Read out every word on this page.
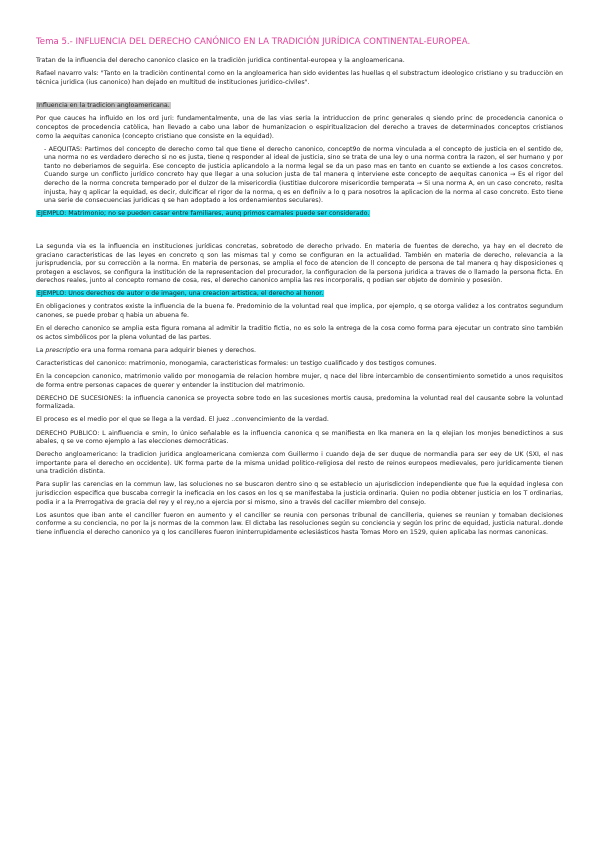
Tema 5.- INFLUENCIA DEL DERECHO CANÓNICO EN LA TRADICIÓN JURÍDICA CONTINENTAL-EUROPEA.

Tratan de la influencia del derecho canonico clasico en la tradiciòn juridica continental-europea y la angloamericana.

Rafael navarro vals: "Tanto en la tradiciòn continental como en la angloamerica han sido evidentes las huellas q el substractum ideologico cristiano y su traducciòn en técnica juridica (ius canonico) han dejado en multitud de instituciones juridico-civiles".

Influencia en la tradicion angloamericana.

Por que cauces ha influido en los ord juri: fundamentalmente, una de las vias seria la intriduccion de princ generales q siendo princ de procedencia canonica o conceptos de procedencia catòlica, han llevado a cabo una labor de humanizacion o espiritualizacion del derecho a traves de determinados conceptos cristianos como la aequitas canonica (concepto cristiano que consiste en la equidad).

- AEQUITAS: Partimos del concepto de derecho como tal que tiene el derecho canonico, concept9o de norma vinculada a el concepto de justicia en el sentido de, una norma no es verdadero derecho si no es justa, tiene q responder al ideal de justicia, sino se trata de una ley o una norma contra la razon, el ser humano y por tanto no deberiamos de seguirla. Ese concepto de justicia aplicandolo a la norma legal se da un paso mas en tanto en cuanto se extiende a los casos concretos. Cuando surge un conflicto jurídico concreto hay que llegar a una solucion justa de tal manera q interviene este concepto de aequitas canonica → Es el rigor del derecho de la norma concreta temperado por el dulzor de la misericordia (iustitiae dulcorore misericordie temperata → Si una norma A, en un caso concreto, reslta injusta, hay q aplicar la equidad, es decir, dulcificar el rigor de la norma, q es en definiiv a lo q para nosotros la aplicacion de la norma al caso concreto. Esto tiene una serie de consecuencias juridicas q se han adoptado a los ordenamientos seculares).

EJEMPLO: Matrimonio; no se pueden casar entre familiares, aunq primos carnales puede ser considerado.

La segunda via es la influencia en instituciones jurídicas concretas, sobretodo de derecho privado. En materia de fuentes de derecho, ya hay en el decreto de graciano caracteristicas de las leyes en concreto q son las mismas tal y como se configuran en la actualidad. También en materia de derecho, relevancia a la jurisprudencia, por su correcciòn a la norma. En materia de personas, se amplia el foco de atencion de ll concepto de persona de tal manera q hay disposiciones q protegen a esclavos, se configura la institución de la representacion del procurador, la configuracion de la persona juridica a traves de o llamado la persona ficta. En derechos reales, junto al concepto romano de cosa, res, el derecho canonico amplia las res incorporalis, q podian ser objeto de dominio y posesiòn.

EJEMPLO: Unos derechos de autor o de imagen, una creacion artistica, el derecho al honor.

En obligaciones y contratos existe la influencia de la buena fe. Predominio de la voluntad real que implica, por ejemplo, q se otorga validez a los contratos segundum canones, se puede probar q habia un abuena fe.

En el derecho canonico se amplia esta figura romana al admitir la traditio fictia, no es solo la entrega de la cosa como forma para ejecutar un contrato sino también os actos simbólicos por la plena voluntad de las partes.

La prescriptio era una forma romana para adquirir bienes y derechos.

Caracteristicas del canonico: matrimonio, monogamia, caracteristicas formales: un testigo cualificado y dos testigos comunes.

En la concepcion canonico, matrimonio valido por monogamia de relacion hombre mujer, q nace del libre intercambio de consentimiento sometido a unos requisitos de forma entre personas capaces de querer y entender la institucion del matrimonio.

DERECHO DE SUCESIONES: la influencia canonica se proyecta sobre todo en las sucesiones mortis causa, predomina la voluntad real del causante sobre la voluntad formalizada.

El proceso es el medio por el que se llega a la verdad. El juez ..convencimiento de la verdad.

DERECHO PUBLICO: L ainfluencia e smin, lo único señalable es la influencia canonica q se manifiesta en lka manera en la q elejian los monjes benedictinos a sus abales, q se ve como ejemplo a las elecciones democráticas.

Derecho angloamericano: la tradicion juridica angloamericana comienza com Guillermo i cuando deja de ser duque de normandia para ser eey de UK (SXI, el nas importante para el derecho en occidente). UK forma parte de la misma unidad politico-religiosa del resto de reinos europeos medievales, pero jurídicamente tienen una tradición distinta.

Para suplir las carencias en la commun law, las soluciones no se buscaron dentro sino q se establecio un ajurisdiccion independiente que fue la equidad inglesa con jurisdiccion especifica que buscaba corregir la ineficacia en los casos en los q se manifestaba la justicia ordinaria. Quien no podia obtener justicia en los T ordinarias, podia ir a la Prerrogativa de gracia del rey y el rey,no a ejercia por si mismo, sino a través del caciller miembro del consejo.

Los asuntos que iban ante el canciller fueron en aumento y el canciller se reunia con personas tribunal de cancilleria, quienes se reunian y tomaban decisiones conforme a su conciencia, no por la js normas de la common law. El dictaba las resoluciones según su conciencia y según los princ de equidad, justicia natural..donde tiene influencia el derecho canonico ya q los cancilleres fueron ininterrupidamente eclesiásticos hasta Tomas Moro en 1529, quien aplicaba las normas canonicas.
